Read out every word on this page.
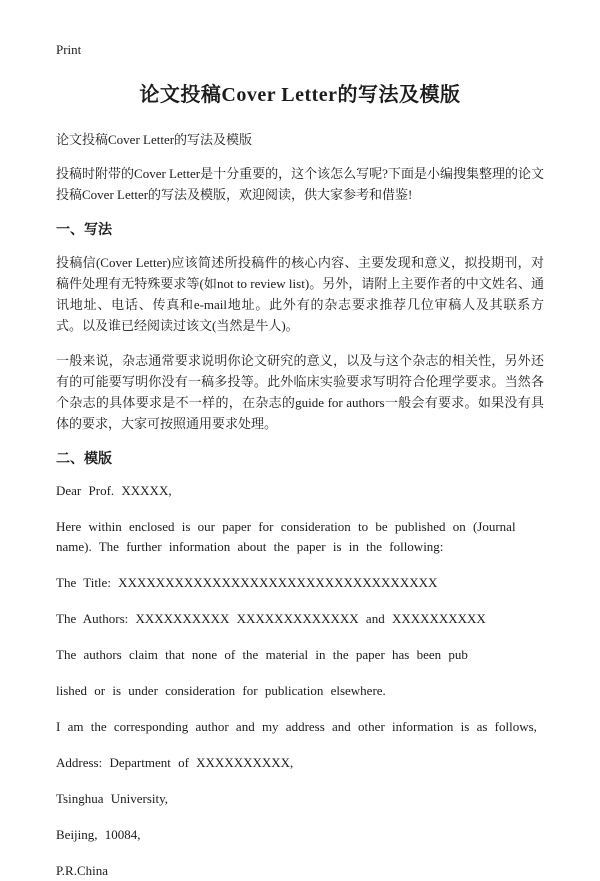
Print
论文投稿Cover Letter的写法及模版

论文投稿Cover Letter的写法及模版

投稿时附带的Cover Letter是十分重要的，这个该怎么写呢?下面是小编搜集整理的论文投稿Cover Letter的写法及模版，欢迎阅读，供大家参考和借鉴!

一、写法

投稿信(Cover Letter)应该简述所投稿件的核心内容、主要发现和意义，拟投期刊，对稿件处理有无特殊要求等(如not to review list)。另外，请附上主要作者的中文姓名、通讯地址、电话、传真和e-mail地址。此外有的杂志要求推荐几位审稿人及其联系方式。以及谁已经阅读过该文(当然是牛人)。

一般来说，杂志通常要求说明你论文研究的意义，以及与这个杂志的相关性，另外还有的可能要写明你没有一稿多投等。此外临床实验要求写明符合伦理学要求。当然各个杂志的具体要求是不一样的，在杂志的guide for authors一般会有要求。如果没有具体的要求，大家可按照通用要求处理。

二、模版

Dear Prof. XXXXX,

Here within enclosed is our paper for consideration to be published on (Journal name). The further information about the paper is in the following:

The Title: XXXXXXXXXXXXXXXXXXXXXXXXXXXXXXXXXX

The Authors: XXXXXXXXXX XXXXXXXXXXXXX and XXXXXXXXXX

The authors claim that none of the material in the paper has been pub

lished or is under consideration for publication elsewhere.

I am the corresponding author and my address and other information is as follows,

Address: Department of XXXXXXXXXX,

Tsinghua University,

Beijing, 10084,

P.R.China
